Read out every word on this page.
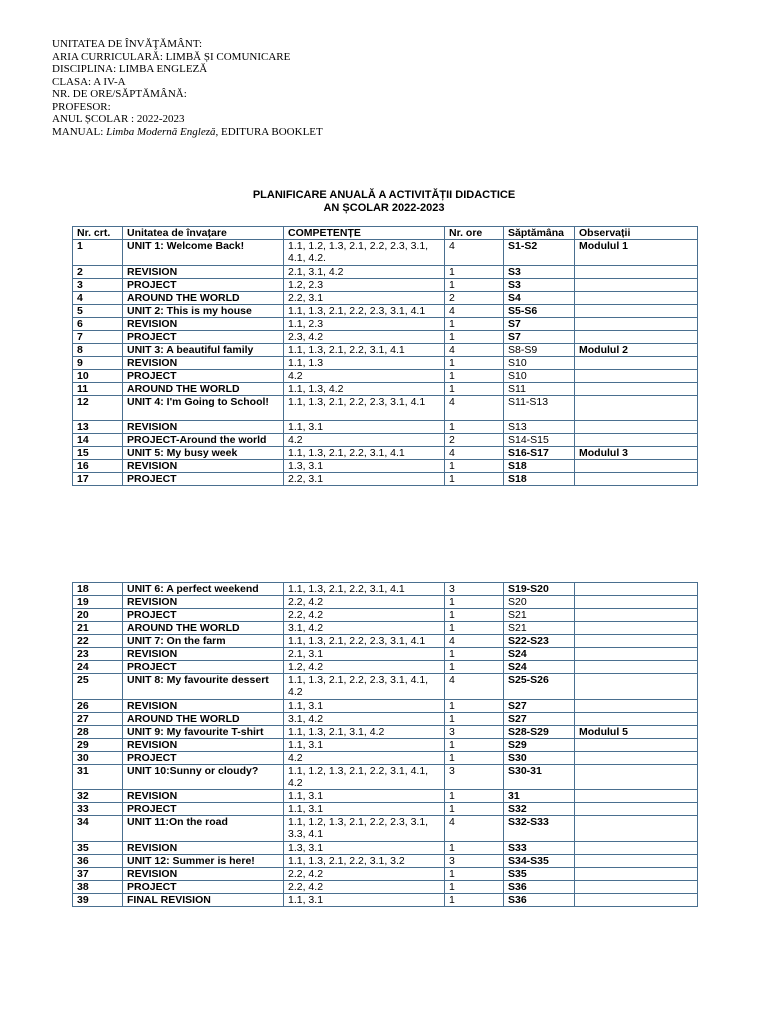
UNITATEA DE ÎNVĂŢĂMÂNT:
ARIA CURRICULARĂ: LIMBĂ ȘI COMUNICARE
DISCIPLINA: LIMBA ENGLEZĂ
CLASA: A IV-A
NR. DE ORE/SĂPTĂMÂNĂ:
PROFESOR:
ANUL ȘCOLAR : 2022-2023
MANUAL: Limba Modernă Engleză, EDITURA BOOKLET
PLANIFICARE ANUALĂ A ACTIVITĂȚII DIDACTICE
AN ȘCOLAR 2022-2023
Nr. crt.	Unitatea de învațare	COMPETENȚE	Nr. ore	Săptămâna	Observații
1	UNIT 1: Welcome Back!	1.1, 1.2, 1.3, 2.1, 2.2, 2.3, 3.1, 4.1, 4.2.	4	S1-S2	Modulul 1
2	REVISION	2.1, 3.1, 4.2	1	S3	
3	PROJECT	1.2, 2.3	1	S3	
4	AROUND THE WORLD	2.2, 3.1	2	S4	
5	UNIT 2: This is my house	1.1, 1.3, 2.1, 2.2, 2.3, 3.1, 4.1	4	S5-S6	
6	REVISION	1.1, 2.3	1	S7	
7	PROJECT	2.3, 4.2	1	S7	
8	UNIT 3: A beautiful family	1.1, 1.3, 2.1, 2.2, 3.1, 4.1	4	S8-S9	Modulul 2
9	REVISION	1.1, 1.3	1	S10	
10	PROJECT	4.2	1	S10	
11	AROUND THE WORLD	1.1, 1.3, 4.2	1	S11	
12	UNIT 4: I'm Going to School!	1.1, 1.3, 2.1, 2.2, 2.3, 3.1, 4.1	4	S11-S13	
13	REVISION	1.1, 3.1	1	S13	
14	PROJECT-Around the world	4.2	2	S14-S15	
15	UNIT 5: My busy week	1.1, 1.3, 2.1, 2.2, 3.1, 4.1	4	S16-S17	Modulul 3
16	REVISION	1.3, 3.1	1	S18	
17	PROJECT	2.2, 3.1	1	S18	
18	UNIT 6: A perfect weekend	1.1, 1.3, 2.1, 2.2, 3.1, 4.1	3	S19-S20	
19	REVISION	2.2, 4.2	1	S20	
20	PROJECT	2.2, 4.2	1	S21	
21	AROUND THE WORLD	3.1, 4.2	1	S21	
22	UNIT 7: On the farm	1.1, 1.3, 2.1, 2.2, 2.3, 3.1, 4.1	4	S22-S23	
23	REVISION	2.1, 3.1	1	S24	
24	PROJECT	1.2, 4.2	1	S24	
25	UNIT 8: My favourite dessert	1.1, 1.3, 2.1, 2.2, 2.3, 3.1, 4.1, 4.2	4	S25-S26	
26	REVISION	1.1, 3.1	1	S27	
27	AROUND THE WORLD	3.1, 4.2	1	S27	
28	UNIT 9: My favourite T-shirt	1.1, 1.3, 2.1, 3.1, 4.2	3	S28-S29	Modulul 5
29	REVISION	1.1, 3.1	1	S29	
30	PROJECT	4.2	1	S30	
31	UNIT 10:Sunny or cloudy?	1.1, 1.2, 1.3, 2.1, 2.2, 3.1, 4.1, 4.2	3	S30-31	
32	REVISION	1.1, 3.1	1	31	
33	PROJECT	1.1, 3.1	1	S32	
34	UNIT 11:On the road	1.1, 1.2, 1.3, 2.1, 2.2, 2.3, 3.1, 3.3, 4.1	4	S32-S33	
35	REVISION	1.3, 3.1	1	S33	
36	UNIT 12: Summer is here!	1.1, 1.3, 2.1, 2.2, 3.1, 3.2	3	S34-S35	
37	REVISION	2.2, 4.2	1	S35	
38	PROJECT	2.2, 4.2	1	S36	
39	FINAL REVISION	1.1, 3.1	1	S36	
